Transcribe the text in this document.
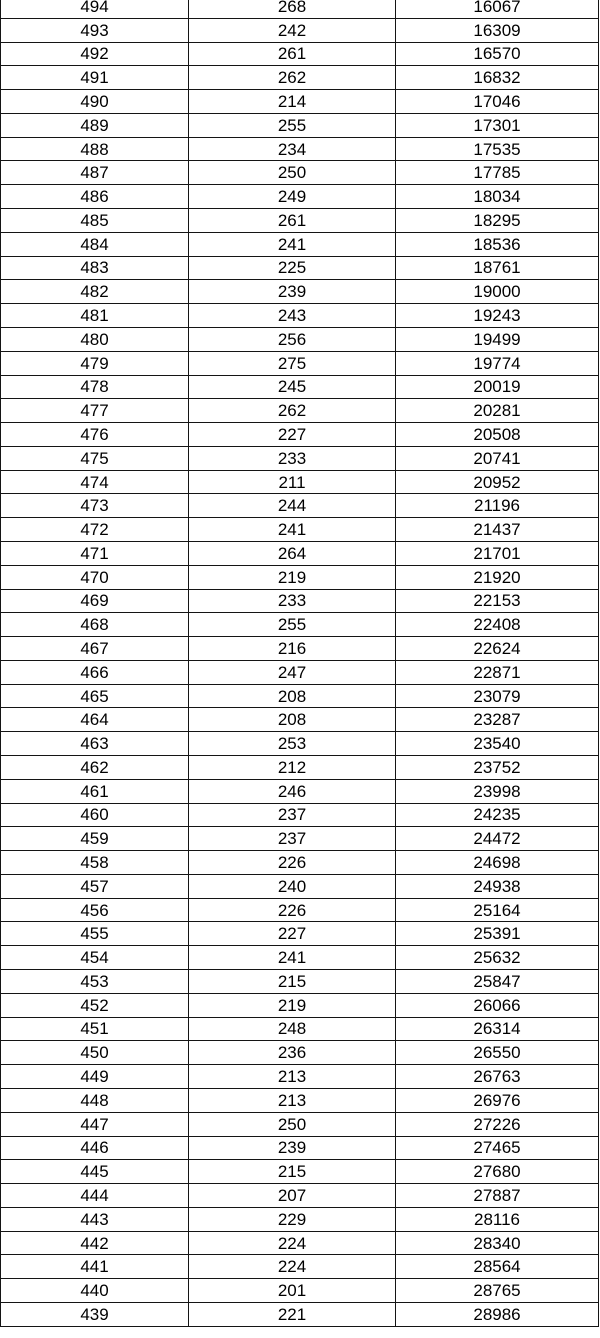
494	268	16067
493	242	16309
492	261	16570
491	262	16832
490	214	17046
489	255	17301
488	234	17535
487	250	17785
486	249	18034
485	261	18295
484	241	18536
483	225	18761
482	239	19000
481	243	19243
480	256	19499
479	275	19774
478	245	20019
477	262	20281
476	227	20508
475	233	20741
474	211	20952
473	244	21196
472	241	21437
471	264	21701
470	219	21920
469	233	22153
468	255	22408
467	216	22624
466	247	22871
465	208	23079
464	208	23287
463	253	23540
462	212	23752
461	246	23998
460	237	24235
459	237	24472
458	226	24698
457	240	24938
456	226	25164
455	227	25391
454	241	25632
453	215	25847
452	219	26066
451	248	26314
450	236	26550
449	213	26763
448	213	26976
447	250	27226
446	239	27465
445	215	27680
444	207	27887
443	229	28116
442	224	28340
441	224	28564
440	201	28765
439	221	28986
